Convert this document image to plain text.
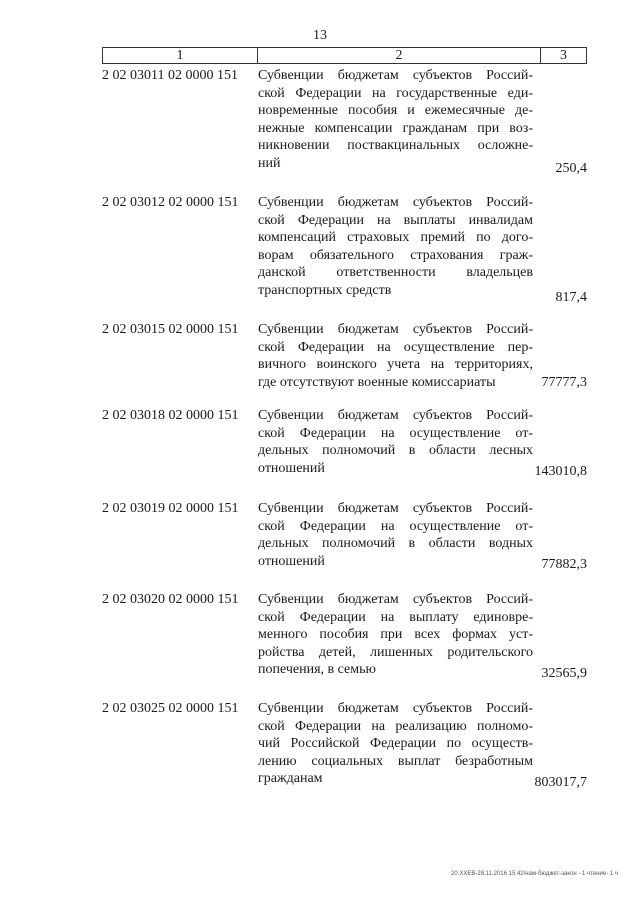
13
1	2	3
2 02 03011 02 0000 151	Субвенции бюджетам субъектов Россий-
ской Федерации на государственные еди-
новременные пособия и ежемесячные де-
нежные компенсации гражданам при воз-
никновении поствакцинальных осложне-
ний	250,4
2 02 03012 02 0000 151	Субвенции бюджетам субъектов Россий-
ской Федерации на выплаты инвалидам
компенсаций страховых премий по дого-
ворам обязательного страхования граж-
данской ответственности владельцев
транспортных средств	817,4
2 02 03015 02 0000 151	Субвенции бюджетам субъектов Россий-
ской Федерации на осуществление пер-
вичного воинского учета на территориях,
где отсутствуют военные комиссариаты	77777,3
2 02 03018 02 0000 151	Субвенции бюджетам субъектов Россий-
ской Федерации на осуществление от-
дельных полномочий в области лесных
отношений	143010,8
2 02 03019 02 0000 151	Субвенции бюджетам субъектов Россий-
ской Федерации на осуществление от-
дельных полномочий в области водных
отношений	77882,3
2 02 03020 02 0000 151	Субвенции бюджетам субъектов Россий-
ской Федерации на выплату единовре-
менного пособия при всех формах уст-
ройства детей, лишенных родительского
попечения, в семью	32565,9
2 02 03025 02 0000 151	Субвенции бюджетам субъектов Россий-
ской Федерации на реализацию полномо-
чий Российской Федерации по осуществ-
лению социальных выплат безработным
гражданам	803017,7
20.ХХЕВ-28.11.2016 15:42/нам-бюджет-закон - 1 чтение- 1 ч
